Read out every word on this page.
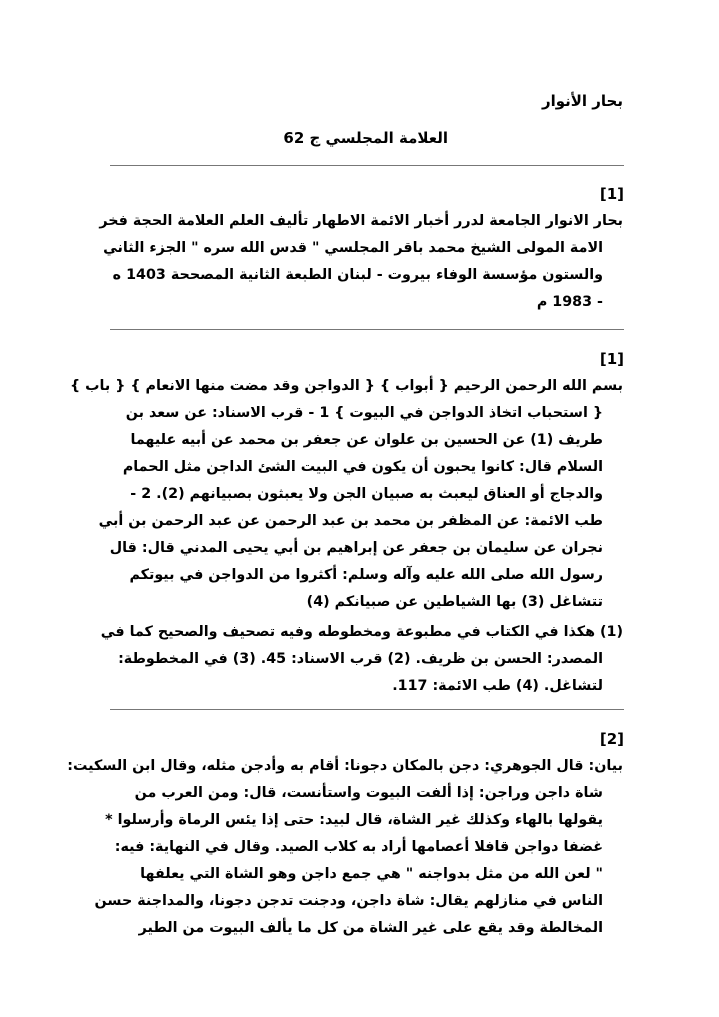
بحار الأنوار
العلامة المجلسي ج 62
[1]
بحار الانوار الجامعة لدرر أخبار الائمة الاطهار تأليف العلم العلامة الحجة فخر
الامة المولى الشيخ محمد باقر المجلسي " قدس الله سره " الجزء الثاني
والستون مؤسسة الوفاء بيروت - لبنان الطبعة الثانية المصححة 1403 ه
- 1983 م
[1]
بسم الله الرحمن الرحيم { أبواب } { الدواجن وقد مضت منها الانعام } { باب }
{ استحباب اتخاذ الدواجن في البيوت } 1 - قرب الاسناد: عن سعد بن
طريف (1) عن الحسين بن علوان عن جعفر بن محمد عن أبيه عليهما
السلام قال: كانوا يحبون أن يكون في البيت الشئ الداجن مثل الحمام
والدجاج أو العناق ليعبث به صبيان الجن ولا يعبثون بصبيانهم (2). 2 -
طب الائمة: عن المظفر بن محمد بن عبد الرحمن عن عبد الرحمن بن أبي
نجران عن سليمان بن جعفر عن إبراهيم بن أبي يحيى المدني قال: قال
رسول الله صلى الله عليه وآله وسلم: أكثروا من الدواجن في بيوتكم
تتشاغل (3) بها الشياطين عن صبيانكم (4)
(1) هكذا في الكتاب في مطبوعة ومخطوطه وفيه تصحيف والصحيح كما في
المصدر: الحسن بن ظريف. (2) قرب الاسناد: 45. (3) في المخطوطة:
لتشاغل. (4) طب الائمة: 117.
[2]
بيان: قال الجوهري: دجن بالمكان دجونا: أقام به وأدجن مثله، وقال ابن السكيت:
شاة داجن وراجن: إذا ألفت البيوت واستأنست، قال: ومن العرب من
يقولها بالهاء وكذلك غير الشاة، قال لبيد: حتى إذا يئس الرماة وأرسلوا *
غضفا دواجن قافلا أعصامها أراد به كلاب الصيد. وقال في النهاية: فيه:
" لعن الله من مثل بدواجنه " هي جمع داجن وهو الشاة التي يعلفها
الناس في منازلهم يقال: شاة داجن، ودجنت تدجن دجونا، والمداجنة حسن
المخالطة وقد يقع على غير الشاة من كل ما يألف البيوت من الطير
